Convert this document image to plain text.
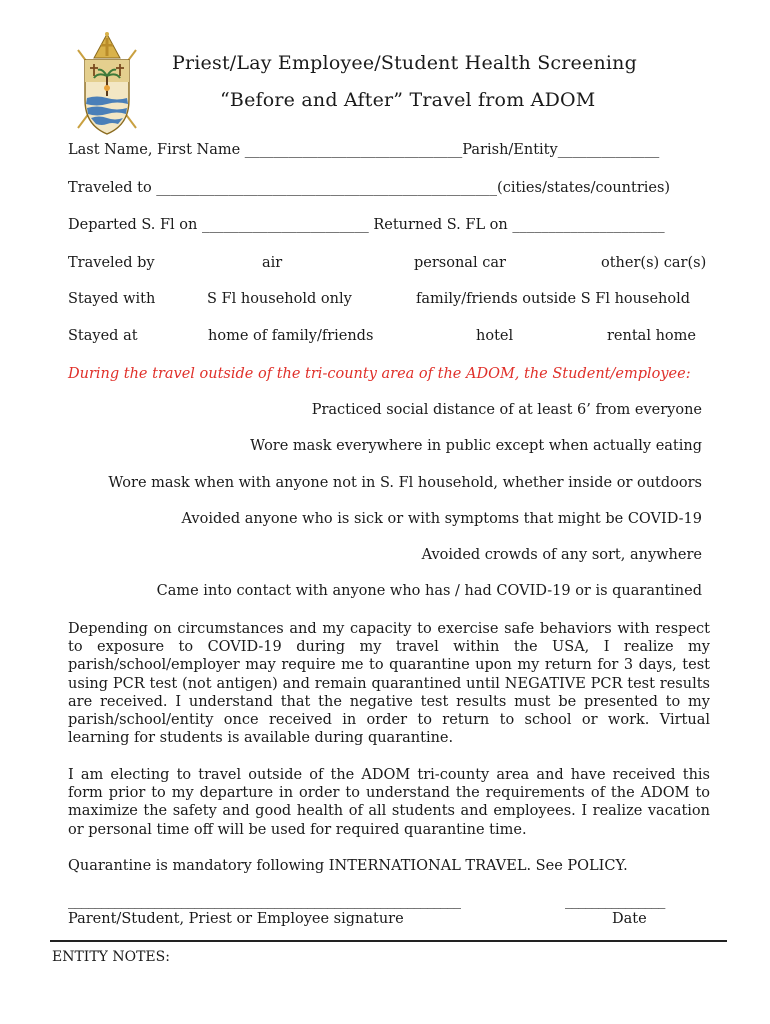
Priest/Lay Employee/Student Health Screening
“Before and After” Travel from ADOM
Last Name, First Name ______________________________Parish/Entity______________
Traveled to _______________________________________________(cities/states/countries)
Departed S. Fl on _______________________ Returned S. FL on _____________________
Traveled by	air	personal car	other(s) car(s)
Stayed with	S Fl household only	family/friends outside S Fl household
Stayed at	home of family/friends	hotel	rental home
During the travel outside of the tri-county area of the ADOM, the Student/employee:
Practiced social distance of at least 6’ from everyone
Wore mask everywhere in public except when actually eating
Wore mask when with anyone not in S. Fl household, whether inside or outdoors
Avoided anyone who is sick or with symptoms that might be COVID-19
Avoided crowds of any sort, anywhere
Came into contact with anyone who has / had COVID-19 or is quarantined

Depending on circumstances and my capacity to exercise safe behaviors with respect to exposure to COVID-19 during my travel within the USA, I realize my parish/school/employer may require me to quarantine upon my return for 3 days, test using PCR test (not antigen) and remain quarantined until NEGATIVE PCR test results are received. I understand that the negative test results must be presented to my parish/school/entity once received in order to return to school or work. Virtual learning for students is available during quarantine.

I am electing to travel outside of the ADOM tri-county area and have received this form prior to my departure in order to understand the requirements of the ADOM to maximize the safety and good health of all students and employees. I realize vacation or personal time off will be used for required quarantine time.

Quarantine is mandatory following INTERNATIONAL TRAVEL. See POLICY.

___________________________________________________________
Parent/Student, Priest or Employee signature
_______________
Date
ENTITY NOTES:
